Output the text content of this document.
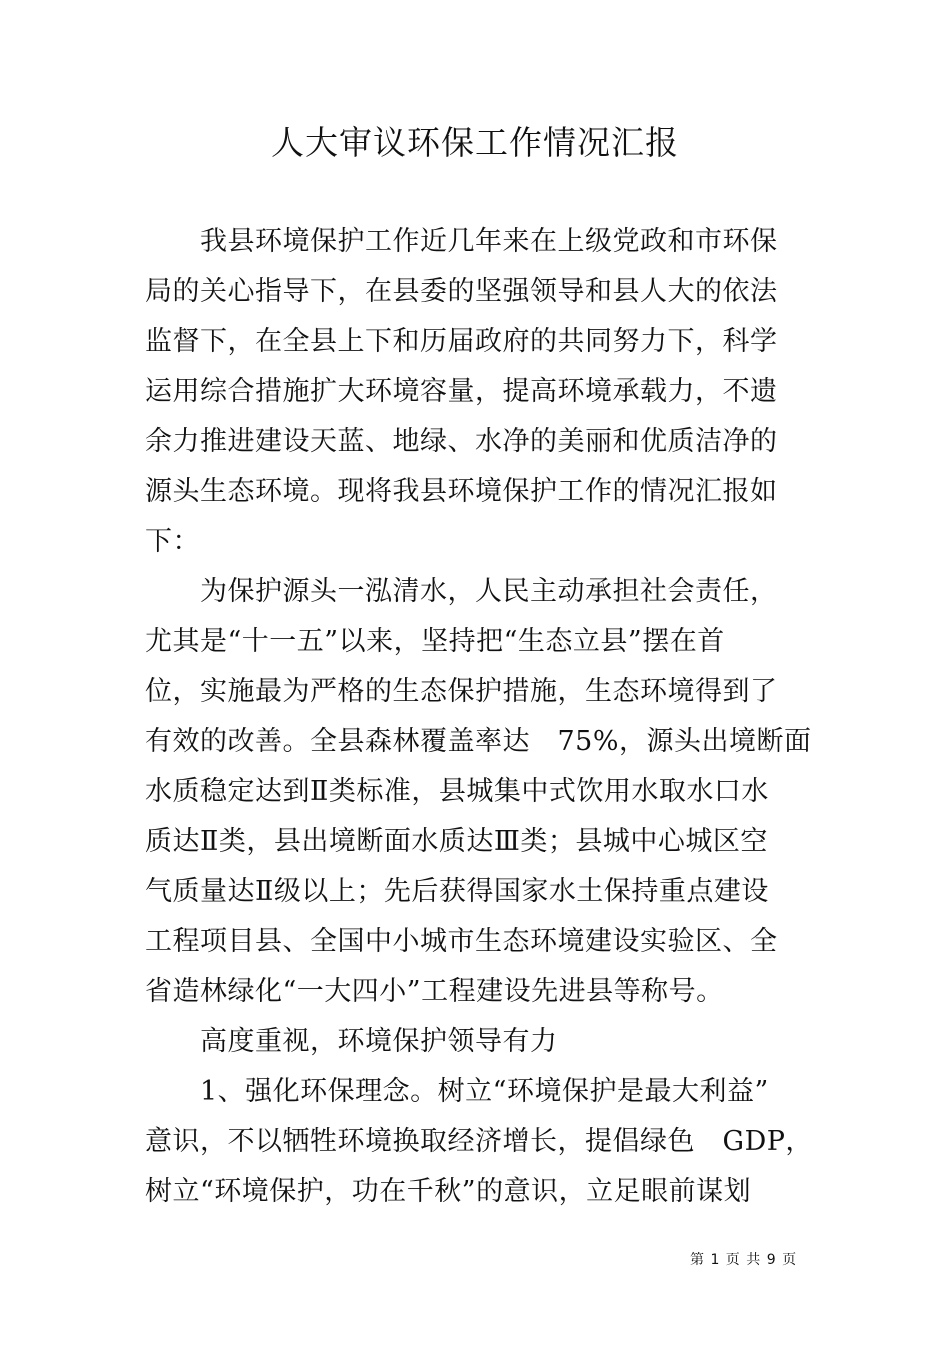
人大审议环保工作情况汇报
　　我县环境保护工作近几年来在上级党政和市环保
局的关心指导下，在县委的坚强领导和县人大的依法
监督下，在全县上下和历届政府的共同努力下，科学
运用综合措施扩大环境容量，提高环境承载力，不遗
余力推进建设天蓝、地绿、水净的美丽和优质洁净的
源头生态环境。现将我县环境保护工作的情况汇报如
下：
　　为保护源头一泓清水，人民主动承担社会责任，
尤其是“十一五”以来，坚持把“生态立县”摆在首
位，实施最为严格的生态保护措施，生态环境得到了
有效的改善。全县森林覆盖率达　75%，源头出境断面
水质稳定达到Ⅱ类标准，县城集中式饮用水取水口水
质达Ⅱ类，县出境断面水质达Ⅲ类；县城中心城区空
气质量达Ⅱ级以上；先后获得国家水土保持重点建设
工程项目县、全国中小城市生态环境建设实验区、全
省造林绿化“一大四小”工程建设先进县等称号。
　　高度重视，环境保护领导有力
　　1、强化环保理念。树立“环境保护是最大利益”
意识，不以牺牲环境换取经济增长，提倡绿色　GDP，
树立“环境保护，功在千秋”的意识，立足眼前谋划
第 1 页 共 9 页
